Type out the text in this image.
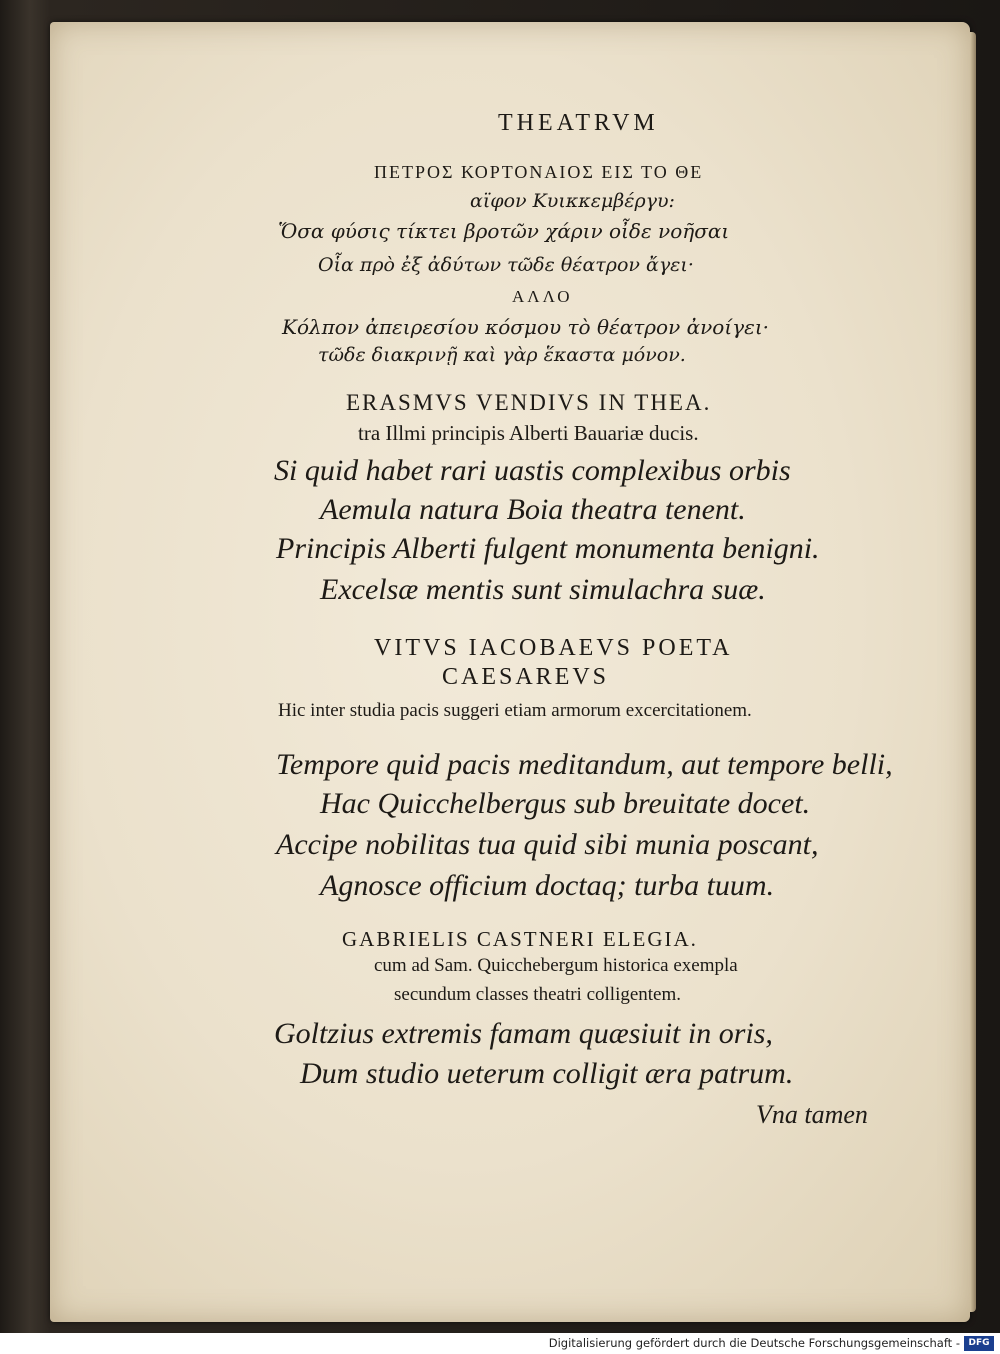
THEATRVM
ΠΕΤΡΟΣ ΚΟΡΤΟΝΑΙΟΣ ΕΙΣ ΤΟ ΘΕ
αϊφον Κυικκεμβέργυ:
Ὅσα φύσις τίκτει βροτῶν χάριν οἶδε νοῆσαι
Οἷα πρὸ ἐξ ἀδύτων τῶδε θέατρον ἄγει·
ΑΛΛΟ
Κόλπον ἀπειρεσίου κόσμου τὸ θέατρον ἀνοίγει·
τῶδε διακρινῇ καὶ γὰρ ἕκαστα μόνον.
ERASMVS VENDIVS IN THEA.
tra Illmi principis Alberti Bauariæ ducis.
Si quid habet rari uastis complexibus orbis
Aemula natura Boia theatra tenent.
Principis Alberti fulgent monumenta benigni.
Excelsæ mentis sunt simulachra suæ.
VITVS IACOBAEVS POETA
CAESAREVS
Hic inter studia pacis suggeri etiam armorum excercitationem.
Tempore quid pacis meditandum, aut tempore belli,
Hac Quicchelbergus sub breuitate docet.
Accipe nobilitas tua quid sibi munia poscant,
Agnosce officium doctaq; turba tuum.
GABRIELIS CASTNERI ELEGIA.
cum ad Sam. Quicchebergum historica exempla
secundum classes theatri colligentem.
Goltzius extremis famam quæsiuit in oris,
Dum studio ueterum colligit æra patrum.
Vna tamen
Digitalisierung gefördert durch die Deutsche Forschungsgemeinschaft - DFG
